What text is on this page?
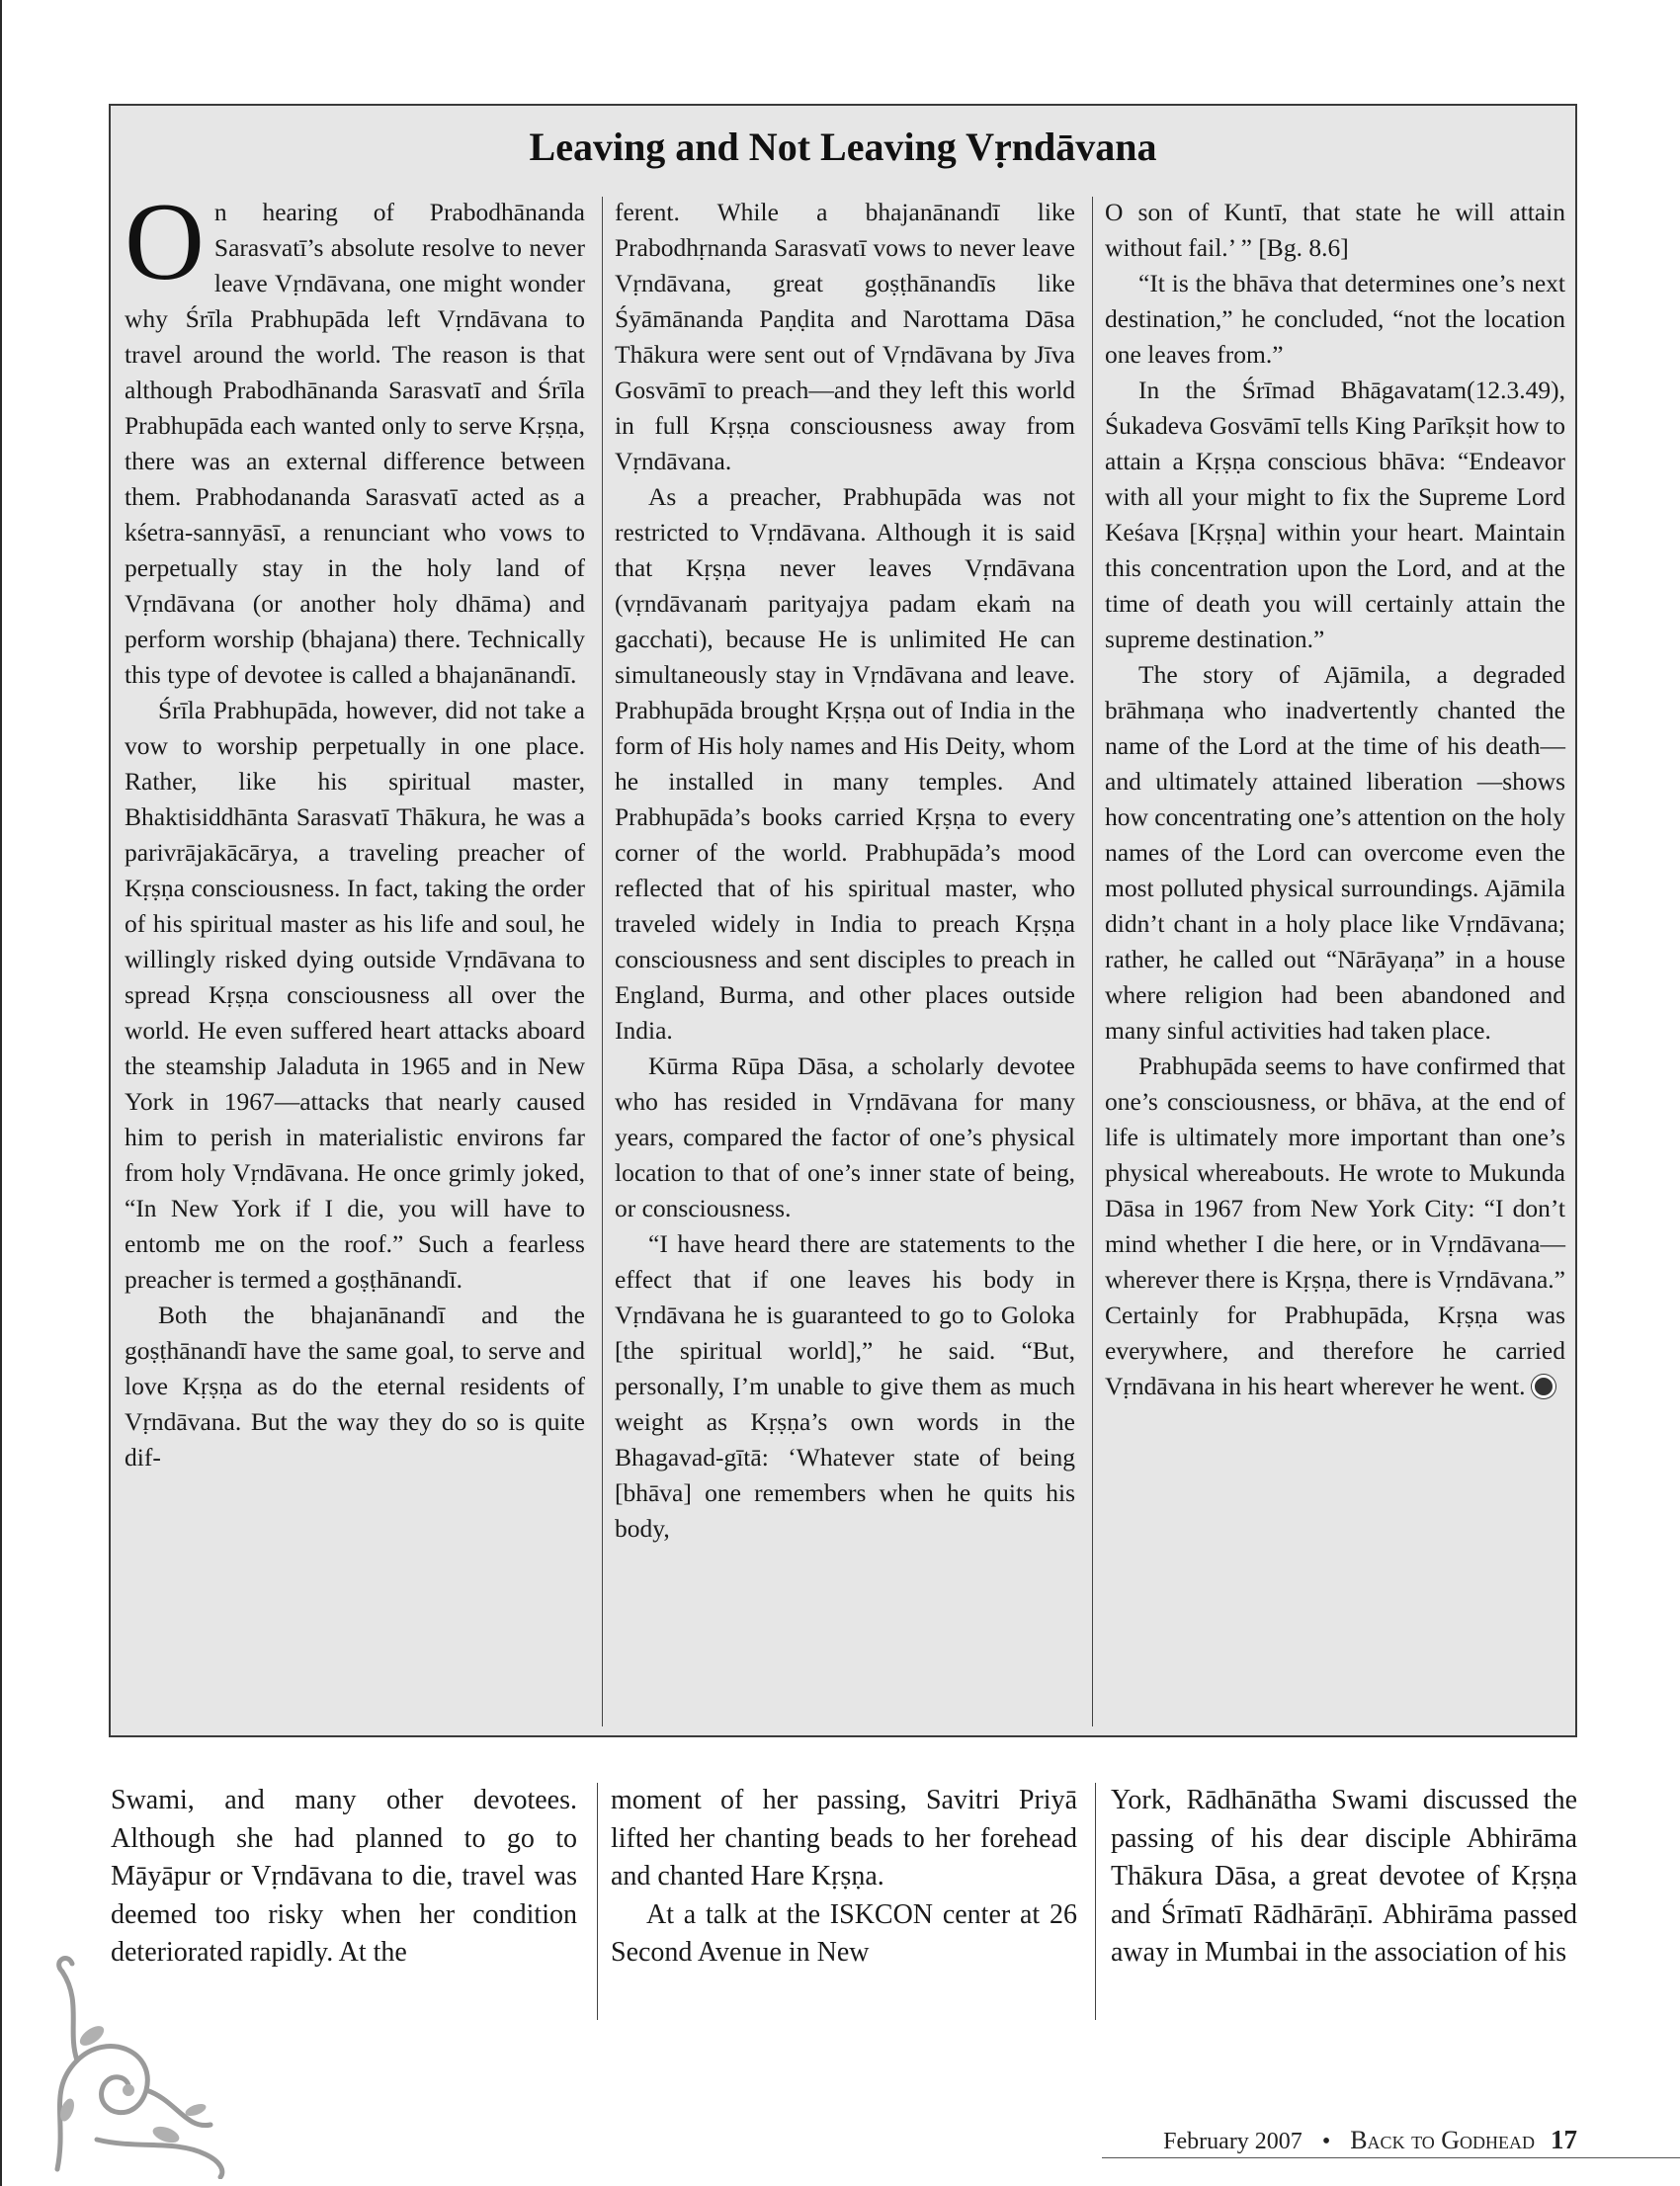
Leaving and Not Leaving Vṛndāvana

On hearing of Prabodhānanda Sarasvatī’s absolute resolve to never leave Vṛndāvana, one might wonder why Śrīla Prabhupāda left Vṛndāvana to travel around the world. The reason is that although Prabodhānanda Sarasvatī and Śrīla Prabhupāda each wanted only to serve Kṛṣṇa, there was an external difference between them. Prabhodananda Sarasvatī acted as a kśetra-sannyāsī, a renunciant who vows to perpetually stay in the holy land of Vṛndāvana (or another holy dhāma) and perform worship (bhajana) there. Technically this type of devotee is called a bhajanānandī.

Śrīla Prabhupāda, however, did not take a vow to worship perpetually in one place. Rather, like his spiritual master, Bhaktisiddhānta Sarasvatī Thākura, he was a parivrājakācārya, a traveling preacher of Kṛṣṇa consciousness. In fact, taking the order of his spiritual master as his life and soul, he willingly risked dying outside Vṛndāvana to spread Kṛṣṇa consciousness all over the world. He even suffered heart attacks aboard the steamship Jaladuta in 1965 and in New York in 1967—attacks that nearly caused him to perish in materialistic environs far from holy Vṛndāvana. He once grimly joked, “In New York if I die, you will have to entomb me on the roof.” Such a fearless preacher is termed a goṣṭhānandī.

Both the bhajanānandī and the goṣṭhānandī have the same goal, to serve and love Kṛṣṇa as do the eternal residents of Vṛndāvana. But the way they do so is quite dif-

ferent. While a bhajanānandī like Prabodhṛnanda Sarasvatī vows to never leave Vṛndāvana, great goṣṭhānandīs like Śyāmānanda Paṇḍita and Narottama Dāsa Thākura were sent out of Vṛndāvana by Jīva Gosvāmī to preach—and they left this world in full Kṛṣṇa consciousness away from Vṛndāvana.

As a preacher, Prabhupāda was not restricted to Vṛndāvana. Although it is said that Kṛṣṇa never leaves Vṛndāvana (vṛndāvanaṁ parityajya padam ekaṁ na gacchati), because He is unlimited He can simultaneously stay in Vṛndāvana and leave. Prabhupāda brought Kṛṣṇa out of India in the form of His holy names and His Deity, whom he installed in many temples. And Prabhupāda’s books carried Kṛṣṇa to every corner of the world. Prabhupāda’s mood reflected that of his spiritual master, who traveled widely in India to preach Kṛṣṇa consciousness and sent disciples to preach in England, Burma, and other places outside India.

Kūrma Rūpa Dāsa, a scholarly devotee who has resided in Vṛndāvana for many years, compared the factor of one’s physical location to that of one’s inner state of being, or consciousness.

“I have heard there are statements to the effect that if one leaves his body in Vṛndāvana he is guaranteed to go to Goloka [the spiritual world],” he said. “But, personally, I’m unable to give them as much weight as Kṛṣṇa’s own words in the Bhagavad-gītā: ‘Whatever state of being [bhāva] one remembers when he quits his body,

O son of Kuntī, that state he will attain without fail.’ ” [Bg. 8.6]

“It is the bhāva that determines one’s next destination,” he concluded, “not the location one leaves from.”

In the Śrīmad Bhāgavatam(12.3.49), Śukadeva Gosvāmī tells King Parīkṣit how to attain a Kṛṣṇa conscious bhāva: “Endeavor with all your might to fix the Supreme Lord Keśava [Kṛṣṇa] within your heart. Maintain this concentration upon the Lord, and at the time of death you will certainly attain the supreme destination.”

The story of Ajāmila, a degraded brāhmaṇa who inadvertently chanted the name of the Lord at the time of his death—and ultimately attained liberation —shows how concentrating one’s attention on the holy names of the Lord can overcome even the most polluted physical surroundings. Ajāmila didn’t chant in a holy place like Vṛndāvana; rather, he called out “Nārāyaṇa” in a house where religion had been abandoned and many sinful activities had taken place.

Prabhupāda seems to have confirmed that one’s consciousness, or bhāva, at the end of life is ultimately more important than one’s physical whereabouts. He wrote to Mukunda Dāsa in 1967 from New York City: “I don’t mind whether I die here, or in Vṛndāvana—wherever there is Kṛṣṇa, there is Vṛndāvana.” Certainly for Prabhupāda, Kṛṣṇa was everywhere, and therefore he carried Vṛndāvana in his heart wherever he went.

Swami, and many other devotees. Although she had planned to go to Māyāpur or Vṛndāvana to die, travel was deemed too risky when her condition deteriorated rapidly. At the

moment of her passing, Savitri Priyā lifted her chanting beads to her forehead and chanted Hare Kṛṣṇa.

At a talk at the ISKCON center at 26 Second Avenue in New

York, Rādhānātha Swami discussed the passing of his dear disciple Abhirāma Thākura Dāsa, a great devotee of Kṛṣṇa and Śrīmatī Rādhārāṇī. Abhirāma passed away in Mumbai in the association of his

February 2007 • Back to Godhead 17
